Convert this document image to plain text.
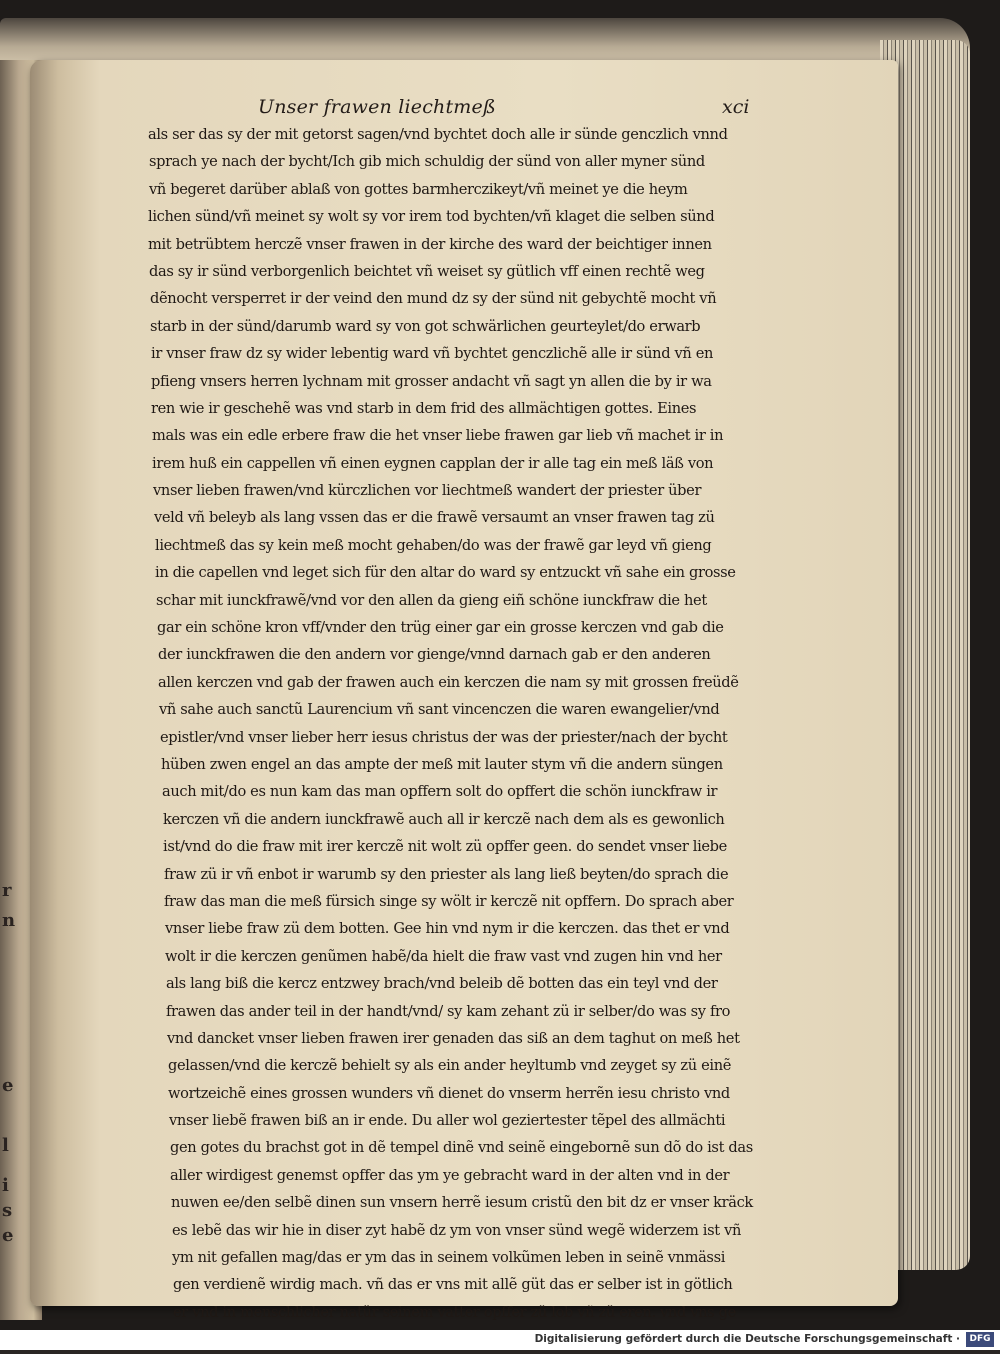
r
n
e
l
i
s
e
Unser frawen liechtmeß	xci
als ser das sy der mit getorst sagen/vnd bychtet doch alle ir sünde genczlich vnnd
sprach ye nach der bycht/Ich gib mich schuldig der sünd von aller myner sünd
vñ begeret darüber ablaß von gottes barmherczikeyt/vñ meinet ye die heym
lichen sünd/vñ meinet sy wolt sy vor irem tod bychten/vñ klaget die selben sünd
mit betrübtem herczẽ vnser frawen in der kirche des ward der beichtiger innen
das sy ir sünd verborgenlich beichtet vñ weiset sy gütlich vff einen rechtẽ weg
dẽnocht versperret ir der veind den mund dz sy der sünd nit gebychtẽ mocht vñ
starb in der sünd/darumb ward sy von got schwärlichen geurteylet/do erwarb
ir vnser fraw dz sy wider lebentig ward vñ bychtet genczlichẽ alle ir sünd vñ en
pfieng vnsers herren lychnam mit grosser andacht vñ sagt yn allen die by ir wa
ren wie ir geschehẽ was vnd starb in dem frid des allmächtigen gottes. Eines
mals was ein edle erbere fraw die het vnser liebe frawen gar lieb vñ machet ir in
irem huß ein cappellen vñ einen eygnen capplan der ir alle tag ein meß läß von
vnser lieben frawen/vnd kürczlichen vor liechtmeß wandert der priester über
veld vñ beleyb als lang vssen das er die frawẽ versaumt an vnser frawen tag zü
liechtmeß das sy kein meß mocht gehaben/do was der frawẽ gar leyd vñ gieng
in die capellen vnd leget sich für den altar do ward sy entzuckt vñ sahe ein grosse
schar mit iunckfrawẽ/vnd vor den allen da gieng eiñ schöne iunckfraw die het
gar ein schöne kron vff/vnder den trüg einer gar ein grosse kerczen vnd gab die
der iunckfrawen die den andern vor gienge/vnnd darnach gab er den anderen
allen kerczen vnd gab der frawen auch ein kerczen die nam sy mit grossen freüdẽ
vñ sahe auch sanctũ Laurencium vñ sant vincenczen die waren ewangelier/vnd
epistler/vnd vnser lieber herr iesus christus der was der priester/nach der bycht
hüben zwen engel an das ampte der meß mit lauter stym vñ die andern süngen
auch mit/do es nun kam das man opffern solt do opffert die schön iunckfraw ir
kerczen vñ die andern iunckfrawẽ auch all ir kerczẽ nach dem als es gewonlich
ist/vnd do die fraw mit irer kerczẽ nit wolt zü opffer geen. do sendet vnser liebe
fraw zü ir vñ enbot ir warumb sy den priester als lang ließ beyten/do sprach die
fraw das man die meß fürsich singe sy wölt ir kerczẽ nit opffern. Do sprach aber
vnser liebe fraw zü dem botten. Gee hin vnd nym ir die kerczen. das thet er vnd
wolt ir die kerczen genũmen habẽ/da hielt die fraw vast vnd zugen hin vnd her
als lang biß die kercz entzwey brach/vnd beleib dẽ botten das ein teyl vnd der
frawen das ander teil in der handt/vnd/ sy kam zehant zü ir selber/do was sy fro
vnd dancket vnser lieben frawen irer genaden das siß an dem taghut on meß het
gelassen/vnd die kerczẽ behielt sy als ein ander heyltumb vnd zeyget sy zü einẽ
wortzeichẽ eines grossen wunders vñ dienet do vnserm herrẽn iesu christo vnd
vnser liebẽ frawen biß an ir ende. Du aller wol geziertester tẽpel des allmächti
gen gotes du brachst got in dẽ tempel dinẽ vnd seinẽ eingebornẽ sun dõ do ist das
aller wirdigest genemst opffer das ym ye gebracht ward in der alten vnd in der
nuwen ee/den selbẽ dinen sun vnsern herrẽ iesum cristũ den bit dz er vnser kräck
es lebẽ das wir hie in diser zyt habẽ dz ym von vnser sünd wegẽ widerzem ist vñ
ym nit gefallen mag/das er ym das in seinem volkũmen leben in seinẽ vnmässi
gen verdienẽ wirdig mach. vñ das er vns mit allẽ güt das er selber ist in götlich
er vnd in menschlicher natür seinem vatter opffer zü lob vñ zü eren. vnd vns ge
Digitalisierung gefördert durch die Deutsche Forschungsgemeinschaft ·	DFG
